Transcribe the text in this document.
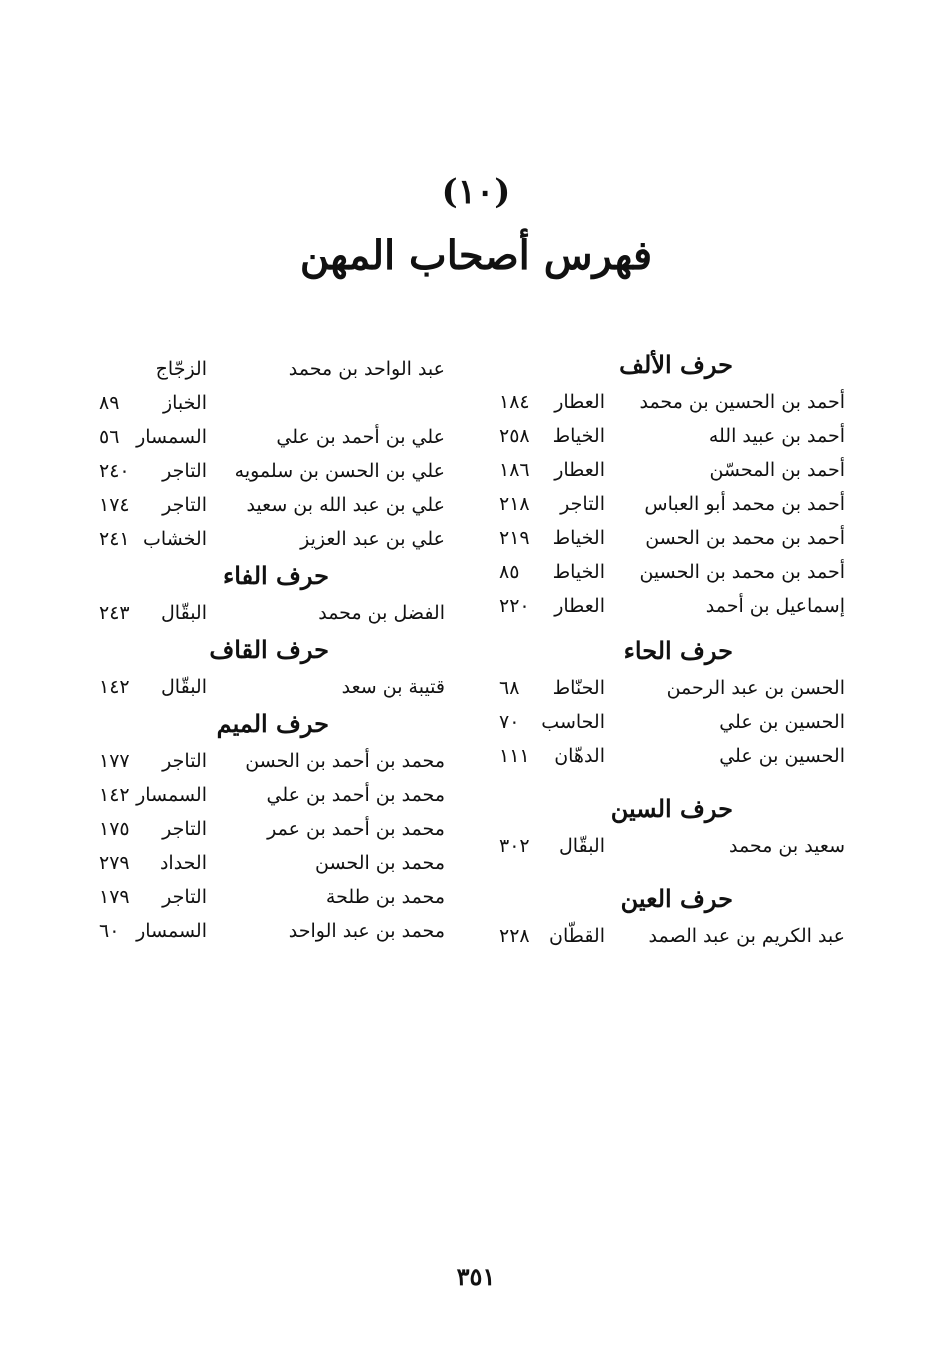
(١٠)
فهرس أصحاب المهن
حرف الألف
أحمد بن الحسين بن محمد
العطار
١٨٤
أحمد بن عبيد الله
الخياط
٢٥٨
أحمد بن المحسّن
العطار
١٨٦
أحمد بن محمد أبو العباس
التاجر
٢١٨
أحمد بن محمد بن الحسن
الخياط
٢١٩
أحمد بن محمد بن الحسين
الخياط
٨٥
إسماعيل بن أحمد
العطار
٢٢٠
حرف الحاء
الحسن بن عبد الرحمن
الحنّاط
٦٨
الحسين بن علي
الحاسب
٧٠
الحسين بن علي
الدهّان
١١١
حرف السين
سعيد بن محمد
البقّال
٣٠٢
حرف العين
عبد الكريم بن عبد الصمد
القطّان
٢٢٨
عبد الواحد بن محمد
الزجّاج
الخباز
٨٩
علي بن أحمد بن علي
السمسار
٥٦
علي بن الحسن بن سلمويه
التاجر
٢٤٠
علي بن عبد الله بن سعيد
التاجر
١٧٤
علي بن عبد العزيز
الخشاب
٢٤١
حرف الفاء
الفضل بن محمد
البقّال
٢٤٣
حرف القاف
قتيبة بن سعد
البقّال
١٤٢
حرف الميم
محمد بن أحمد بن الحسن
التاجر
١٧٧
محمد بن أحمد بن علي
السمسار
١٤٢
محمد بن أحمد بن عمر
التاجر
١٧٥
محمد بن الحسن
الحداد
٢٧٩
محمد بن طلحة
التاجر
١٧٩
محمد بن عبد الواحد
السمسار
٦٠
٣٥١
